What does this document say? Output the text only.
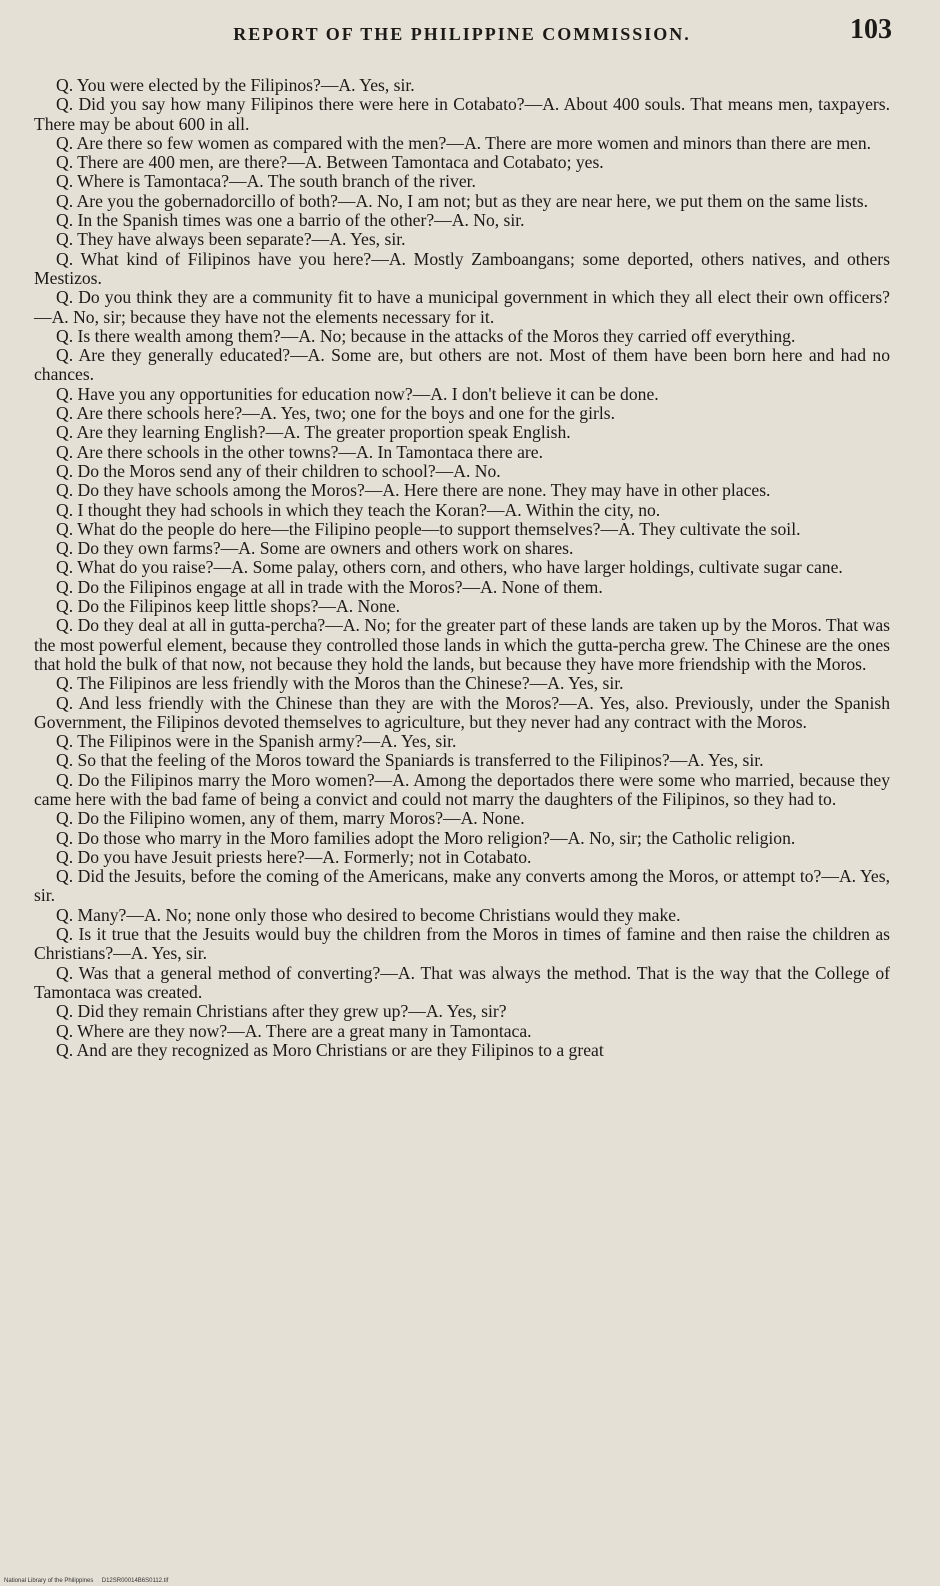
REPORT OF THE PHILIPPINE COMMISSION.	103

Q. You were elected by the Filipinos?—A. Yes, sir.

Q. Did you say how many Filipinos there were here in Cotabato?—A. About 400 souls. That means men, taxpayers. There may be about 600 in all.

Q. Are there so few women as compared with the men?—A. There are more women and minors than there are men.

Q. There are 400 men, are there?—A. Between Tamontaca and Cotabato; yes.

Q. Where is Tamontaca?—A. The south branch of the river.

Q. Are you the gobernadorcillo of both?—A. No, I am not; but as they are near here, we put them on the same lists.

Q. In the Spanish times was one a barrio of the other?—A. No, sir.

Q. They have always been separate?—A. Yes, sir.

Q. What kind of Filipinos have you here?—A. Mostly Zamboangans; some deported, others natives, and others Mestizos.

Q. Do you think they are a community fit to have a municipal government in which they all elect their own officers?—A. No, sir; because they have not the elements necessary for it.

Q. Is there wealth among them?—A. No; because in the attacks of the Moros they carried off everything.

Q. Are they generally educated?—A. Some are, but others are not. Most of them have been born here and had no chances.

Q. Have you any opportunities for education now?—A. I don't believe it can be done.

Q. Are there schools here?—A. Yes, two; one for the boys and one for the girls.

Q. Are they learning English?—A. The greater proportion speak English.

Q. Are there schools in the other towns?—A. In Tamontaca there are.

Q. Do the Moros send any of their children to school?—A. No.

Q. Do they have schools among the Moros?—A. Here there are none. They may have in other places.

Q. I thought they had schools in which they teach the Koran?—A. Within the city, no.

Q. What do the people do here—the Filipino people—to support themselves?—A. They cultivate the soil.

Q. Do they own farms?—A. Some are owners and others work on shares.

Q. What do you raise?—A. Some palay, others corn, and others, who have larger holdings, cultivate sugar cane.

Q. Do the Filipinos engage at all in trade with the Moros?—A. None of them.

Q. Do the Filipinos keep little shops?—A. None.

Q. Do they deal at all in gutta-percha?—A. No; for the greater part of these lands are taken up by the Moros. That was the most powerful element, because they controlled those lands in which the gutta-percha grew. The Chinese are the ones that hold the bulk of that now, not because they hold the lands, but because they have more friendship with the Moros.

Q. The Filipinos are less friendly with the Moros than the Chinese?—A. Yes, sir.

Q. And less friendly with the Chinese than they are with the Moros?—A. Yes, also. Previously, under the Spanish Government, the Filipinos devoted themselves to agriculture, but they never had any contract with the Moros.

Q. The Filipinos were in the Spanish army?—A. Yes, sir.

Q. So that the feeling of the Moros toward the Spaniards is transferred to the Filipinos?—A. Yes, sir.

Q. Do the Filipinos marry the Moro women?—A. Among the deportados there were some who married, because they came here with the bad fame of being a convict and could not marry the daughters of the Filipinos, so they had to.

Q. Do the Filipino women, any of them, marry Moros?—A. None.

Q. Do those who marry in the Moro families adopt the Moro religion?—A. No, sir; the Catholic religion.

Q. Do you have Jesuit priests here?—A. Formerly; not in Cotabato.

Q. Did the Jesuits, before the coming of the Americans, make any converts among the Moros, or attempt to?—A. Yes, sir.

Q. Many?—A. No; none only those who desired to become Christians would they make.

Q. Is it true that the Jesuits would buy the children from the Moros in times of famine and then raise the children as Christians?—A. Yes, sir.

Q. Was that a general method of converting?—A. That was always the method. That is the way that the College of Tamontaca was created.

Q. Did they remain Christians after they grew up?—A. Yes, sir?

Q. Where are they now?—A. There are a great many in Tamontaca.

Q. And are they recognized as Moro Christians or are they Filipinos to a great

National Library of the Philippines D12SR00014B6S0112.tif
